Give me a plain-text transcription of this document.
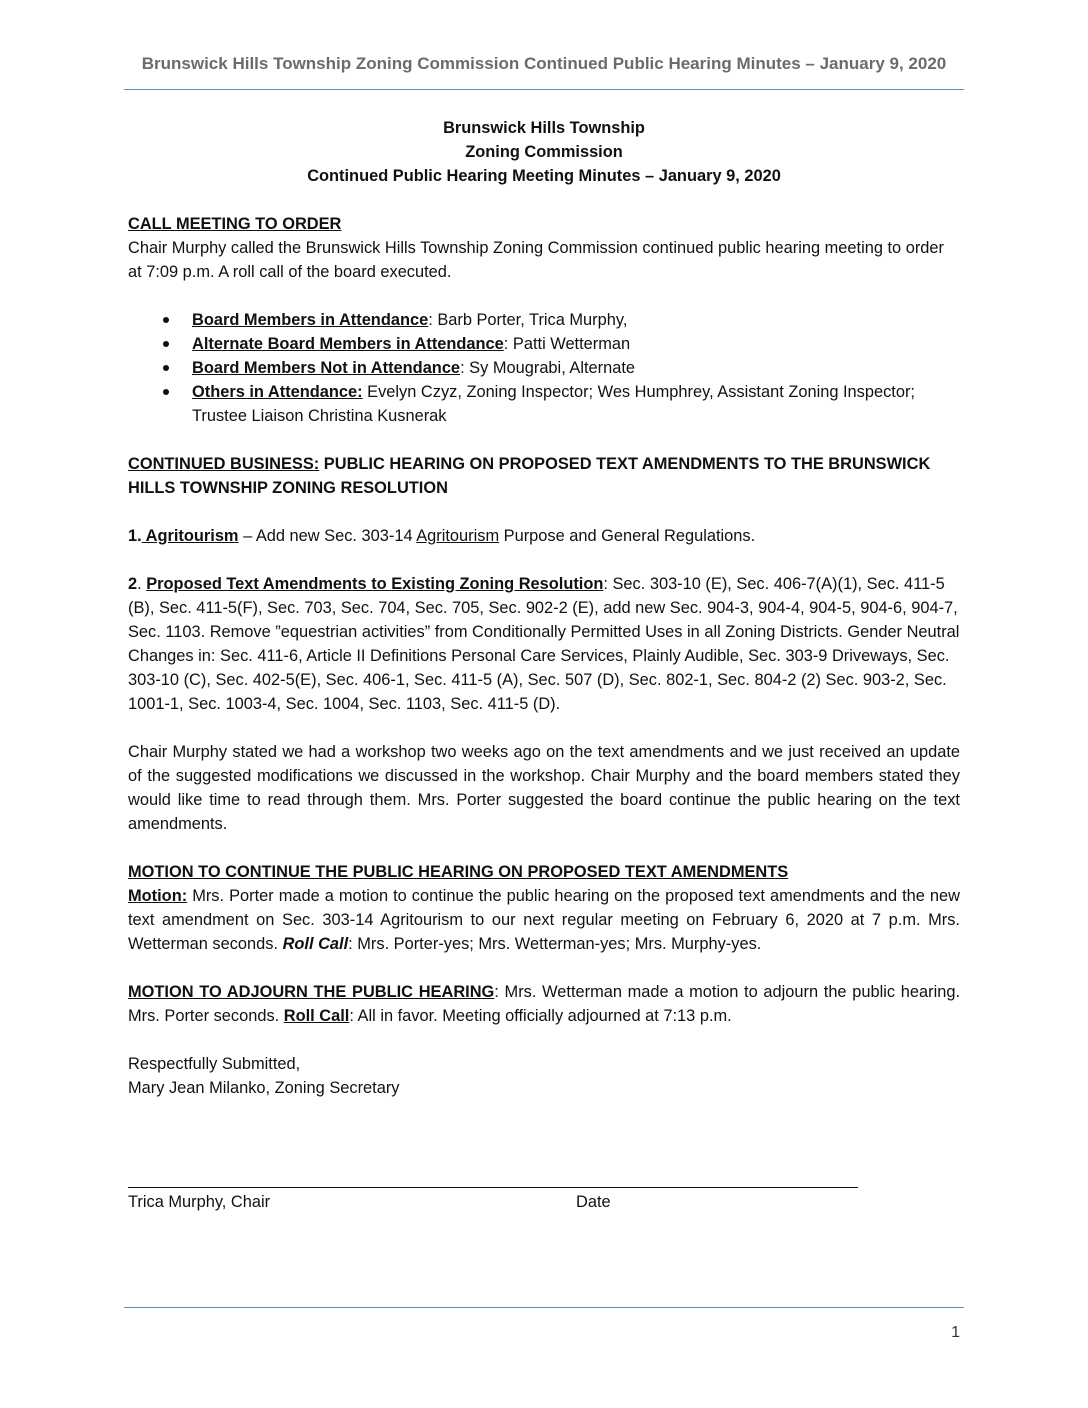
Brunswick Hills Township Zoning Commission Continued Public Hearing Minutes – January 9, 2020
Brunswick Hills Township
Zoning Commission
Continued Public Hearing Meeting Minutes – January 9, 2020
CALL MEETING TO ORDER
Chair Murphy called the Brunswick Hills Township Zoning Commission continued public hearing meeting to order at 7:09 p.m. A roll call of the board executed.
Board Members in Attendance: Barb Porter, Trica Murphy,
Alternate Board Members in Attendance: Patti Wetterman
Board Members Not in Attendance: Sy Mougrabi, Alternate
Others in Attendance: Evelyn Czyz, Zoning Inspector; Wes Humphrey, Assistant Zoning Inspector; Trustee Liaison Christina Kusnerak
CONTINUED BUSINESS: PUBLIC HEARING ON PROPOSED TEXT AMENDMENTS TO THE BRUNSWICK HILLS TOWNSHIP ZONING RESOLUTION
1. Agritourism – Add new Sec. 303-14 Agritourism Purpose and General Regulations.
2. Proposed Text Amendments to Existing Zoning Resolution: Sec. 303-10 (E), Sec. 406-7(A)(1), Sec. 411-5 (B), Sec. 411-5(F), Sec. 703, Sec. 704, Sec. 705, Sec. 902-2 (E), add new Sec. 904-3, 904-4, 904-5, 904-6, 904-7, Sec. 1103. Remove ”equestrian activities” from Conditionally Permitted Uses in all Zoning Districts. Gender Neutral Changes in: Sec. 411-6, Article II Definitions Personal Care Services, Plainly Audible, Sec. 303-9 Driveways, Sec. 303-10 (C), Sec. 402-5(E), Sec. 406-1, Sec. 411-5 (A), Sec. 507 (D), Sec. 802-1, Sec. 804-2 (2) Sec. 903-2, Sec. 1001-1, Sec. 1003-4, Sec. 1004, Sec. 1103, Sec. 411-5 (D).
Chair Murphy stated we had a workshop two weeks ago on the text amendments and we just received an update of the suggested modifications we discussed in the workshop. Chair Murphy and the board members stated they would like time to read through them. Mrs. Porter suggested the board continue the public hearing on the text amendments.
MOTION TO CONTINUE THE PUBLIC HEARING ON PROPOSED TEXT AMENDMENTS
Motion: Mrs. Porter made a motion to continue the public hearing on the proposed text amendments and the new text amendment on Sec. 303-14 Agritourism to our next regular meeting on February 6, 2020 at 7 p.m. Mrs. Wetterman seconds. Roll Call: Mrs. Porter-yes; Mrs. Wetterman-yes; Mrs. Murphy-yes.
MOTION TO ADJOURN THE PUBLIC HEARING: Mrs. Wetterman made a motion to adjourn the public hearing. Mrs. Porter seconds. Roll Call: All in favor. Meeting officially adjourned at 7:13 p.m.
Respectfully Submitted,
Mary Jean Milanko, Zoning Secretary
Trica Murphy, Chair	Date
1
